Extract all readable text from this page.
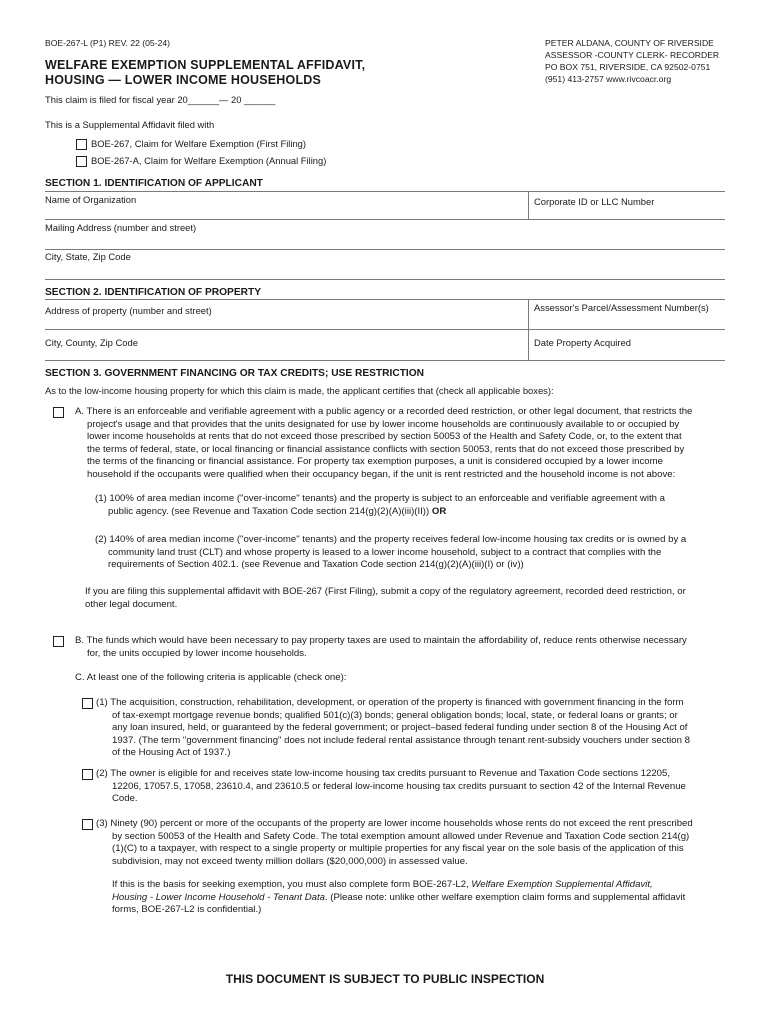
BOE-267-L (P1) REV. 22 (05-24)
WELFARE EXEMPTION SUPPLEMENTAL AFFIDAVIT,
HOUSING — LOWER INCOME HOUSEHOLDS
This claim is filed for fiscal year 20______— 20 ______
PETER ALDANA, COUNTY OF RIVERSIDE
ASSESSOR -COUNTY CLERK- RECORDER
PO BOX 751, RIVERSIDE, CA 92502-0751
(951) 413-2757 www.rivcoacr.org
This is a Supplemental Affidavit filed with
BOE-267, Claim for Welfare Exemption (First Filing)
BOE-267-A, Claim for Welfare Exemption (Annual Filing)
SECTION 1. IDENTIFICATION OF APPLICANT
Name of Organization	Corporate ID or LLC Number
Mailing Address (number and street)
City, State, Zip Code
SECTION 2. IDENTIFICATION OF PROPERTY
Address of property (number and street)	Assessor's Parcel/Assessment Number(s)
City, County, Zip Code	Date Property Acquired
SECTION 3. GOVERNMENT FINANCING OR TAX CREDITS; USE RESTRICTION
As to the low-income housing property for which this claim is made, the applicant certifies that (check all applicable boxes):
A. There is an enforceable and verifiable agreement with a public agency or a recorded deed restriction, or other legal document, that restricts the
project's usage and that provides that the units designated for use by lower income households are continuously available to or occupied by
lower income households at rents that do not exceed those prescribed by section 50053 of the Health and Safety Code, or, to the extent that
the terms of federal, state, or local financing or financial assistance conflicts with section 50053, rents that do not exceed those prescribed by
the terms of the financing or financial assistance. For property tax exemption purposes, a unit is considered occupied by a lower income
household if the occupants were qualified when their occupancy began, if the unit is rent restricted and the household income is not above:
(1) 100% of area median income ("over-income" tenants) and the property is subject to an enforceable and verifiable agreement with a
public agency. (see Revenue and Taxation Code section 214(g)(2)(A)(iii)(II)) OR
(2) 140% of area median income ("over-income" tenants) and the property receives federal low-income housing tax credits or is owned by a
community land trust (CLT) and whose property is leased to a lower income household, subject to a contract that complies with the
requirements of Section 402.1. (see Revenue and Taxation Code section 214(g)(2)(A)(iii)(I) or (iv))
If you are filing this supplemental affidavit with BOE-267 (First Filing), submit a copy of the regulatory agreement, recorded deed restriction, or
other legal document.
B. The funds which would have been necessary to pay property taxes are used to maintain the affordability of, reduce rents otherwise necessary
for, the units occupied by lower income households.
C. At least one of the following criteria is applicable (check one):
(1) The acquisition, construction, rehabilitation, development, or operation of the property is financed with government financing in the form
of tax-exempt mortgage revenue bonds; qualified 501(c)(3) bonds; general obligation bonds; local, state, or federal loans or grants; or
any loan insured, held, or guaranteed by the federal government; or project–based federal funding under section 8 of the Housing Act of
1937. (The term "government financing" does not include federal rental assistance through tenant rent-subsidy vouchers under section 8
of the Housing Act of 1937.)
(2) The owner is eligible for and receives state low-income housing tax credits pursuant to Revenue and Taxation Code sections 12205,
12206, 17057.5, 17058, 23610.4, and 23610.5 or federal low-income housing tax credits pursuant to section 42 of the Internal Revenue
Code.
(3) Ninety (90) percent or more of the occupants of the property are lower income households whose rents do not exceed the rent prescribed
by section 50053 of the Health and Safety Code. The total exemption amount allowed under Revenue and Taxation Code section 214(g)
(1)(C) to a taxpayer, with respect to a single property or multiple properties for any fiscal year on the sole basis of the application of this
subdivision, may not exceed twenty million dollars ($20,000,000) in assessed value.
If this is the basis for seeking exemption, you must also complete form BOE-267-L2, Welfare Exemption Supplemental Affidavit,
Housing - Lower Income Household - Tenant Data. (Please note: unlike other welfare exemption claim forms and supplemental affidavit
forms, BOE-267-L2 is confidential.)
THIS DOCUMENT IS SUBJECT TO PUBLIC INSPECTION
